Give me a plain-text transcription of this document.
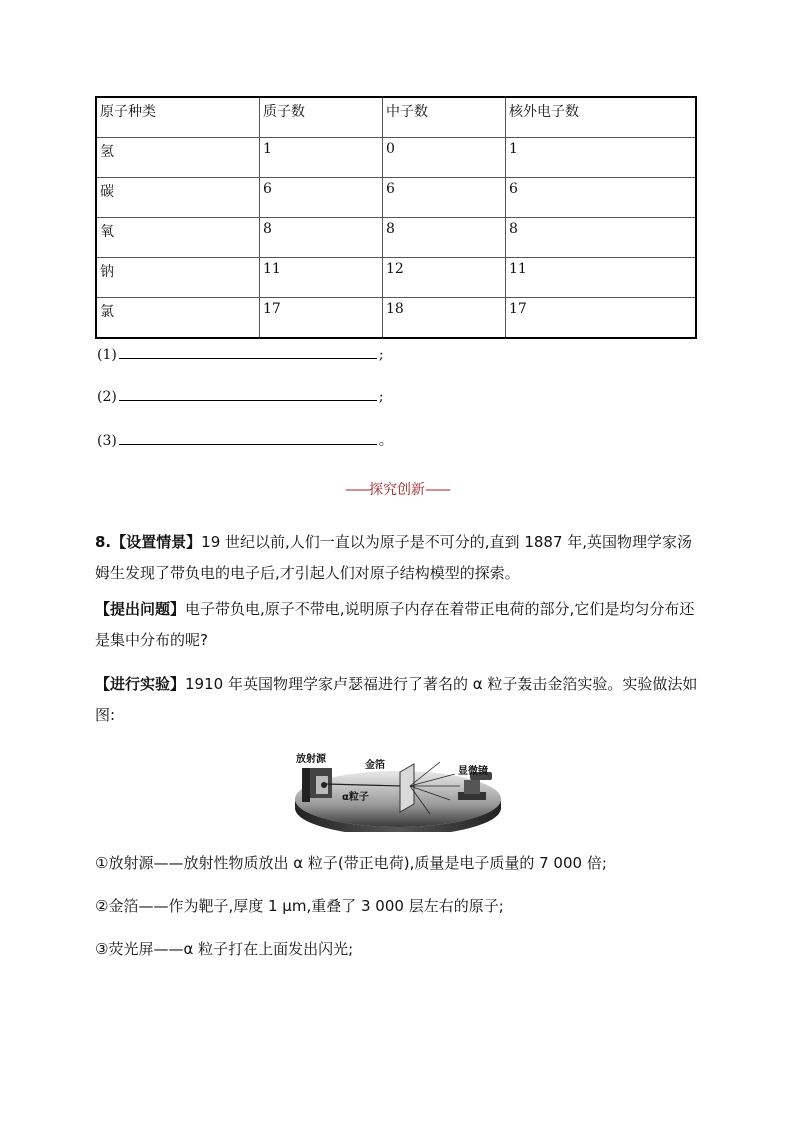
原子种类	质子数	中子数	核外电子数
氢	1	0	1
碳	6	6	6
氧	8	8	8
钠	11	12	11
氯	17	18	17
(1)	;
(2)	;
(3)	。
——探究创新——
8.【设置情景】19 世纪以前,人们一直以为原子是不可分的,直到 1887 年,英国物理学家汤姆生发现了带负电的电子后,才引起人们对原子结构模型的探索。
【提出问题】电子带负电,原子不带电,说明原子内存在着带正电荷的部分,它们是均匀分布还是集中分布的呢?
【进行实验】1910 年英国物理学家卢瑟福进行了著名的 α 粒子轰击金箔实验。实验做法如图:
放射源
金箔
显微镜
α粒子
①放射源——放射性物质放出 α 粒子(带正电荷),质量是电子质量的 7 000 倍;
②金箔——作为靶子,厚度 1 μm,重叠了 3 000 层左右的原子;
③荧光屏——α 粒子打在上面发出闪光;
